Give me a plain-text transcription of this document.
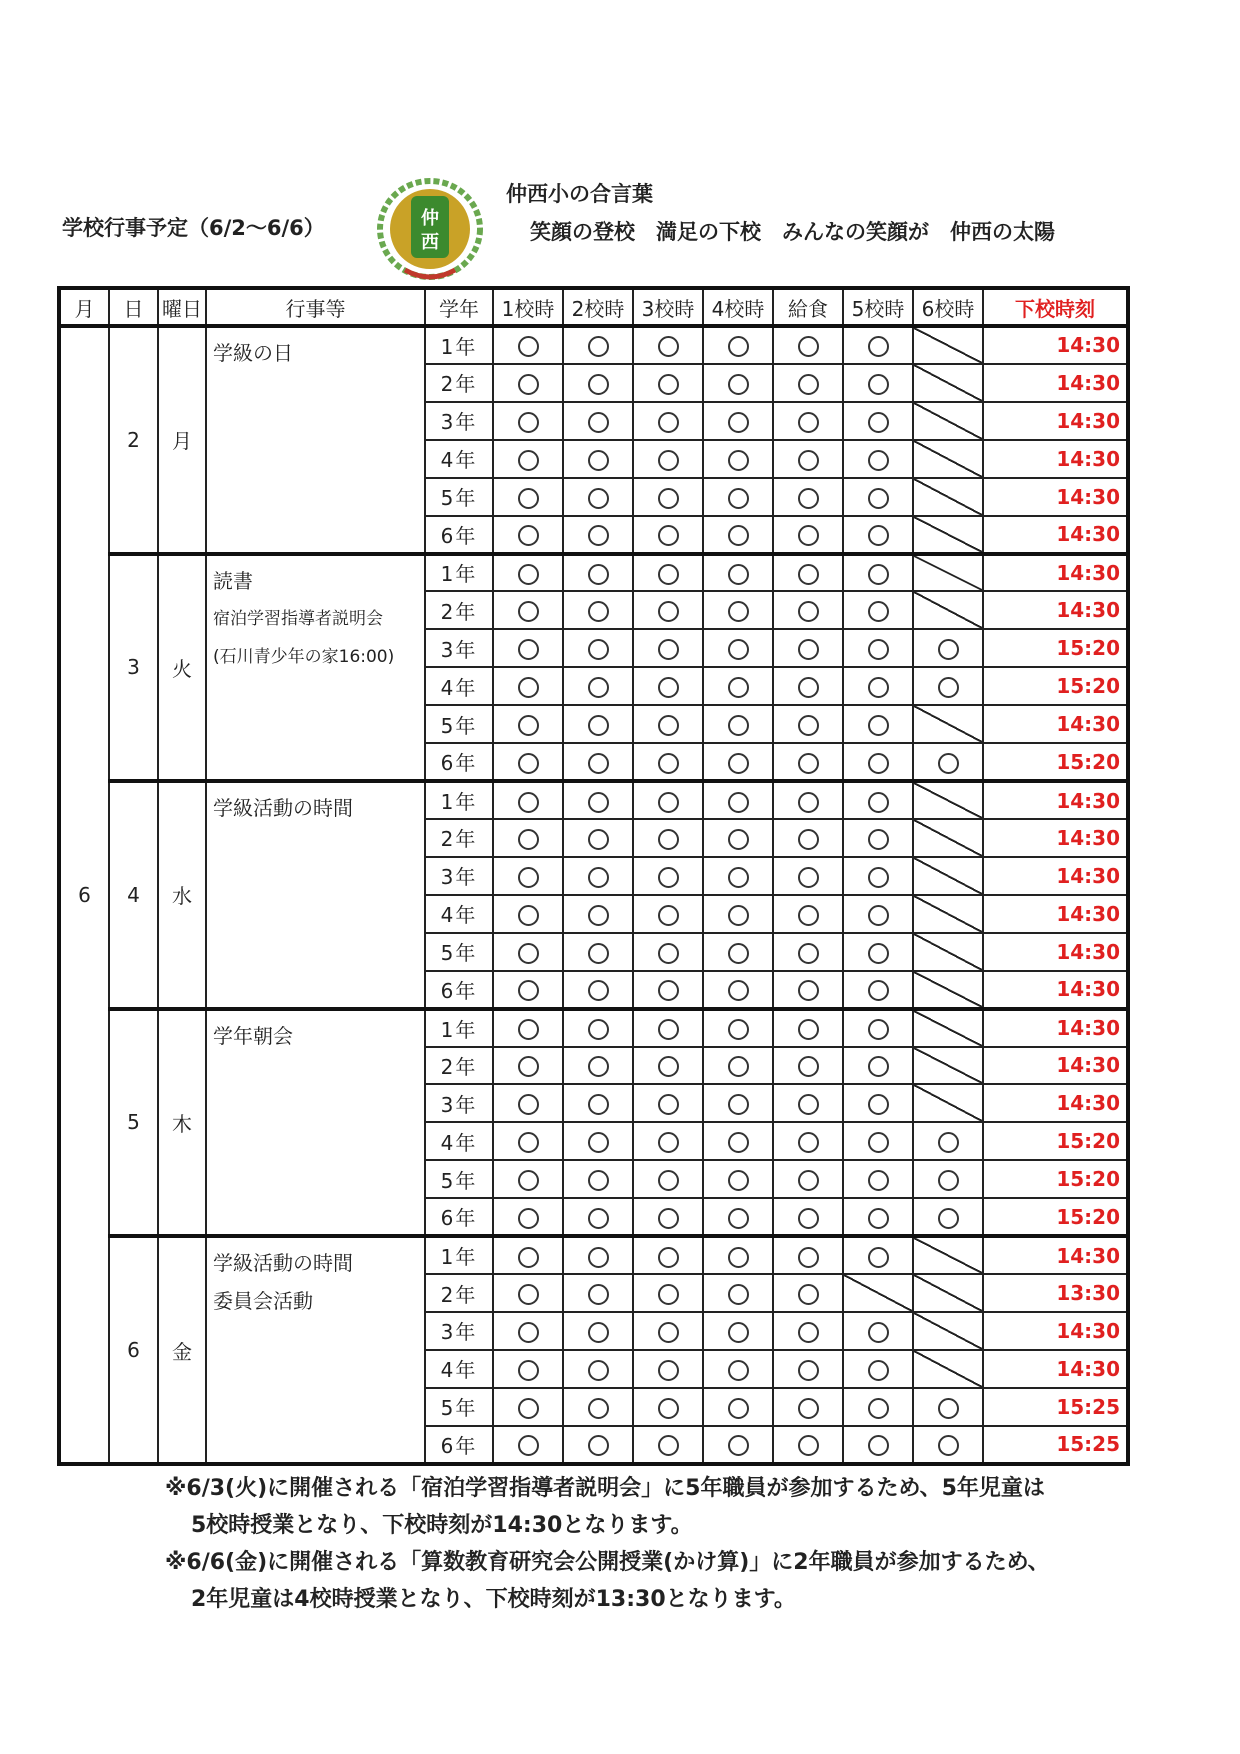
学校行事予定（6/2〜6/6）	仲
西
仲西小の合言葉
笑顔の登校　満足の下校　みんなの笑顔が　仲西の太陽
月	日	曜日	行事等	学年	1校時	2校時	3校時	4校時	給食	5校時	6校時	下校時刻
6	2	月	学級の日	1年								14:30
				2年								14:30
				3年								14:30
				4年								14:30
				5年								14:30
				6年								14:30
	3	火	読書
宿泊学習指導者説明会
(石川青少年の家16:00)	1年								14:30
				2年								14:30
				3年								15:20
				4年								15:20
				5年								14:30
				6年								15:20
	4	水	学級活動の時間	1年								14:30
				2年								14:30
				3年								14:30
				4年								14:30
				5年								14:30
				6年								14:30
	5	木	学年朝会	1年								14:30
				2年								14:30
				3年								14:30
				4年								15:20
				5年								15:20
				6年								15:20
	6	金	学級活動の時間
委員会活動	1年								14:30
				2年								13:30
				3年								14:30
				4年								14:30
				5年								15:25
				6年								15:25
※6/3(火)に開催される「宿泊学習指導者説明会」に5年職員が参加するため、5年児童は
5校時授業となり、下校時刻が14:30となります。
※6/6(金)に開催される「算数教育研究会公開授業(かけ算)」に2年職員が参加するため、
2年児童は4校時授業となり、下校時刻が13:30となります。
